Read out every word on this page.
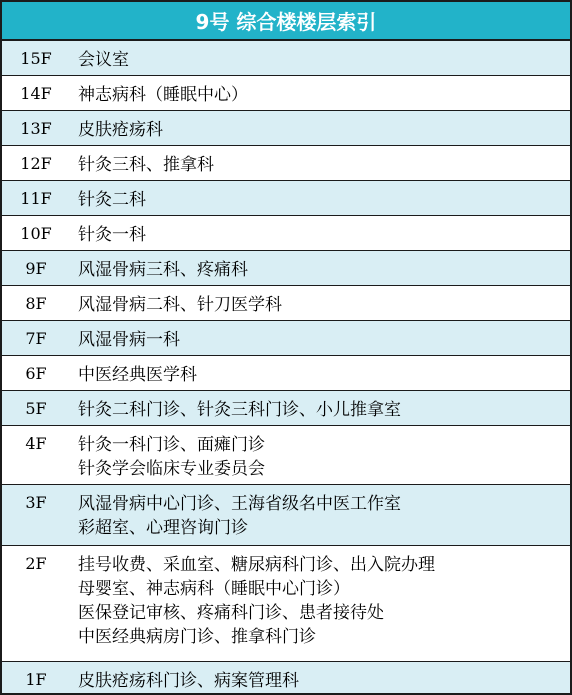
9号 综合楼楼层索引
15F	会议室
14F	神志病科（睡眠中心）
13F	皮肤疮疡科
12F	针灸三科、推拿科
11F	针灸二科
10F	针灸一科
9F	风湿骨病三科、疼痛科
8F	风湿骨病二科、针刀医学科
7F	风湿骨病一科
6F	中医经典医学科
5F	针灸二科门诊、针灸三科门诊、小儿推拿室
4F	针灸一科门诊、面瘫门诊
针灸学会临床专业委员会
3F	风湿骨病中心门诊、王海省级名中医工作室
彩超室、心理咨询门诊
2F	挂号收费、采血室、糖尿病科门诊、出入院办理
母婴室、神志病科（睡眠中心门诊）
医保登记审核、疼痛科门诊、患者接待处
中医经典病房门诊、推拿科门诊
1F	皮肤疮疡科门诊、病案管理科
